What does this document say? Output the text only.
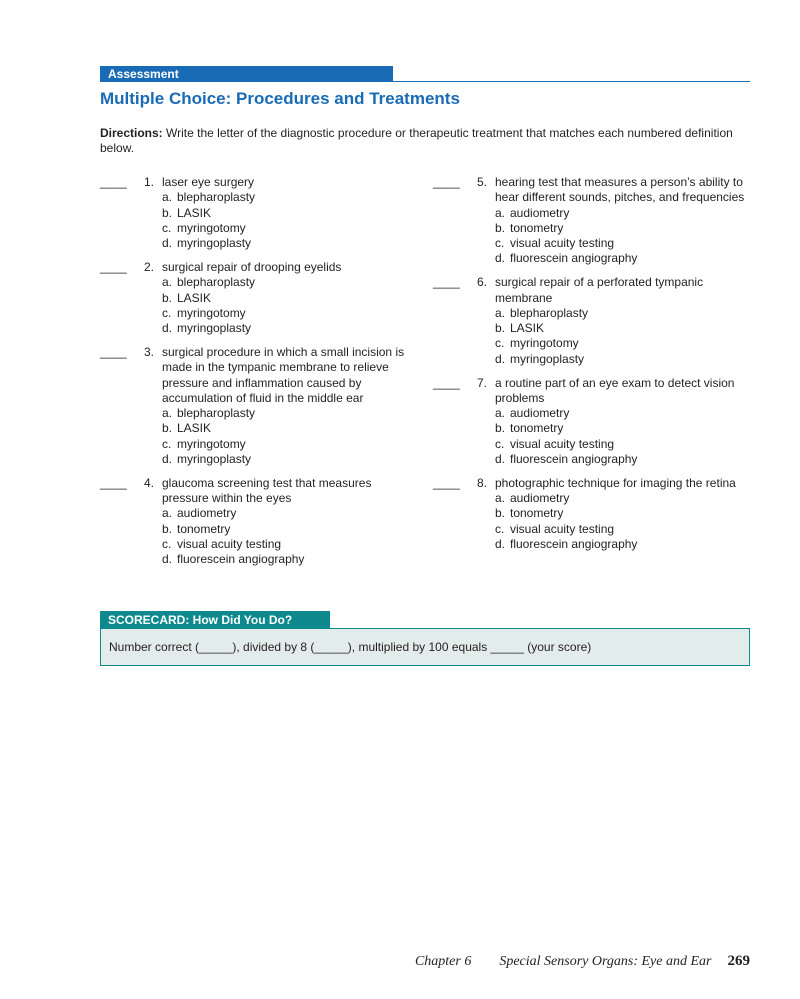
Assessment
Multiple Choice: Procedures and Treatments
Directions: Write the letter of the diagnostic procedure or therapeutic treatment that matches each numbered definition below.
____ 1. laser eye surgery
a. blepharoplasty
b. LASIK
c. myringotomy
d. myringoplasty
____ 2. surgical repair of drooping eyelids
a. blepharoplasty
b. LASIK
c. myringotomy
d. myringoplasty
____ 3. surgical procedure in which a small incision is made in the tympanic membrane to relieve pressure and inflammation caused by accumulation of fluid in the middle ear
a. blepharoplasty
b. LASIK
c. myringotomy
d. myringoplasty
____ 4. glaucoma screening test that measures pressure within the eyes
a. audiometry
b. tonometry
c. visual acuity testing
d. fluorescein angiography
____ 5. hearing test that measures a person’s ability to hear different sounds, pitches, and frequencies
a. audiometry
b. tonometry
c. visual acuity testing
d. fluorescein angiography
____ 6. surgical repair of a perforated tympanic membrane
a. blepharoplasty
b. LASIK
c. myringotomy
d. myringoplasty
____ 7. a routine part of an eye exam to detect vision problems
a. audiometry
b. tonometry
c. visual acuity testing
d. fluorescein angiography
____ 8. photographic technique for imaging the retina
a. audiometry
b. tonometry
c. visual acuity testing
d. fluorescein angiography
SCORECARD: How Did You Do?
Number correct (_____), divided by 8 (_____), multiplied by 100 equals _____ (your score)
Chapter 6 Special Sensory Organs: Eye and Ear 269
